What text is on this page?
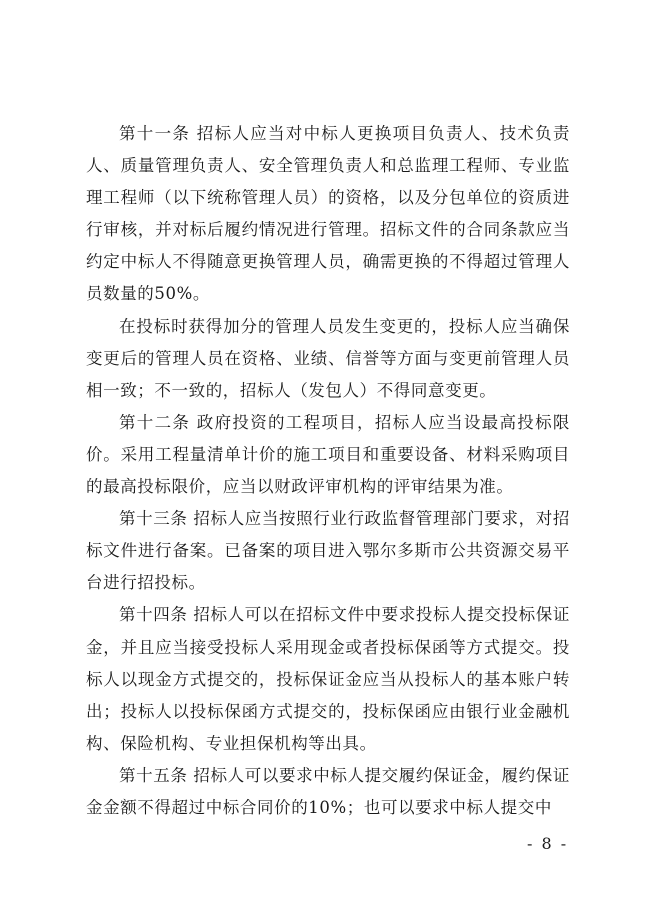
第十一条 招标人应当对中标人更换项目负责人、技术负责人、质量管理负责人、安全管理负责人和总监理工程师、专业监理工程师（以下统称管理人员）的资格，以及分包单位的资质进行审核，并对标后履约情况进行管理。招标文件的合同条款应当约定中标人不得随意更换管理人员，确需更换的不得超过管理人员数量的50%。

在投标时获得加分的管理人员发生变更的，投标人应当确保变更后的管理人员在资格、业绩、信誉等方面与变更前管理人员相一致；不一致的，招标人（发包人）不得同意变更。

第十二条 政府投资的工程项目，招标人应当设最高投标限价。采用工程量清单计价的施工项目和重要设备、材料采购项目的最高投标限价，应当以财政评审机构的评审结果为准。

第十三条 招标人应当按照行业行政监督管理部门要求，对招标文件进行备案。已备案的项目进入鄂尔多斯市公共资源交易平台进行招投标。

第十四条 招标人可以在招标文件中要求投标人提交投标保证金，并且应当接受投标人采用现金或者投标保函等方式提交。投标人以现金方式提交的，投标保证金应当从投标人的基本账户转出；投标人以投标保函方式提交的，投标保函应由银行业金融机构、保险机构、专业担保机构等出具。

第十五条 招标人可以要求中标人提交履约保证金，履约保证金金额不得超过中标合同价的10%；也可以要求中标人提交中

- 8 -
